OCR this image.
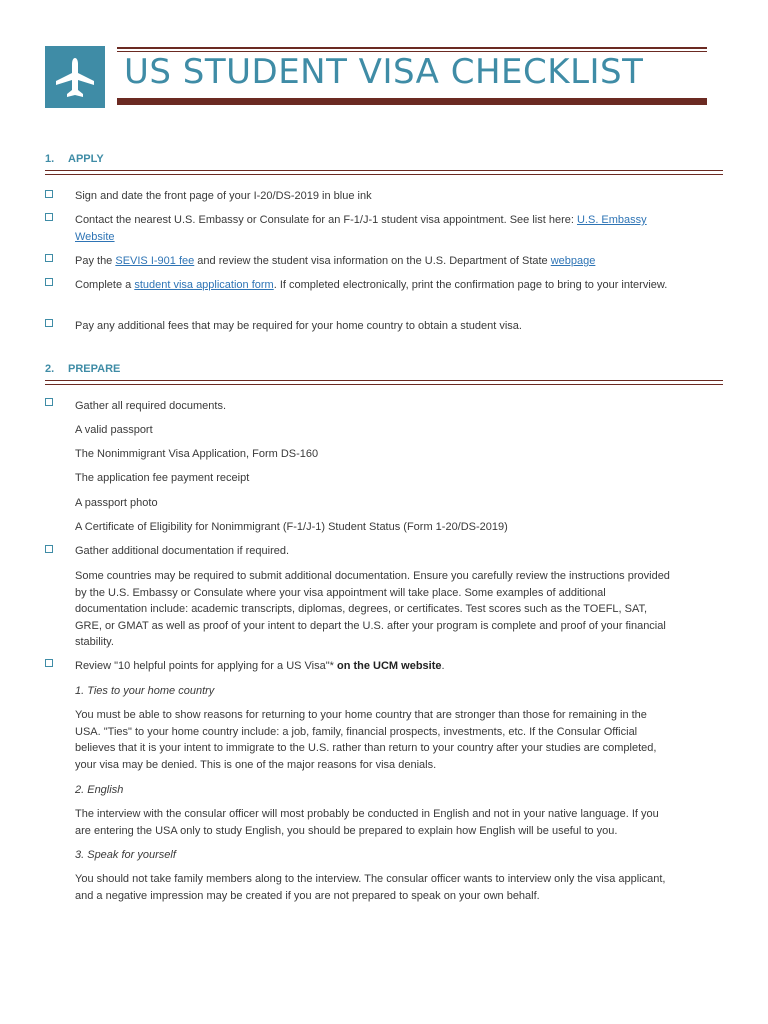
US STUDENT VISA CHECKLIST
1. APPLY
Sign and date the front page of your I-20/DS-2019 in blue ink
Contact the nearest U.S. Embassy or Consulate for an F-1/J-1 student visa appointment. See list here: U.S. Embassy Website
Pay the SEVIS I-901 fee and review the student visa information on the U.S. Department of State webpage
Complete a student visa application form. If completed electronically, print the confirmation page to bring to your interview.
Pay any additional fees that may be required for your home country to obtain a student visa.
2. PREPARE
Gather all required documents.
A valid passport
The Nonimmigrant Visa Application, Form DS-160
The application fee payment receipt
A passport photo
A Certificate of Eligibility for Nonimmigrant (F-1/J-1) Student Status (Form 1-20/DS-2019)
Gather additional documentation if required.
Some countries may be required to submit additional documentation. Ensure you carefully review the instructions provided by the U.S. Embassy or Consulate where your visa appointment will take place. Some examples of additional documentation include: academic transcripts, diplomas, degrees, or certificates. Test scores such as the TOEFL, SAT, GRE, or GMAT as well as proof of your intent to depart the U.S. after your program is complete and proof of your financial stability.
Review "10 helpful points for applying for a US Visa"* on the UCM website.
1. Ties to your home country
You must be able to show reasons for returning to your home country that are stronger than those for remaining in the USA. "Ties" to your home country include: a job, family, financial prospects, investments, etc. If the Consular Official believes that it is your intent to immigrate to the U.S. rather than return to your country after your studies are completed, your visa may be denied. This is one of the major reasons for visa denials.
2. English
The interview with the consular officer will most probably be conducted in English and not in your native language. If you are entering the USA only to study English, you should be prepared to explain how English will be useful to you.
3. Speak for yourself
You should not take family members along to the interview. The consular officer wants to interview only the visa applicant, and a negative impression may be created if you are not prepared to speak on your own behalf.
